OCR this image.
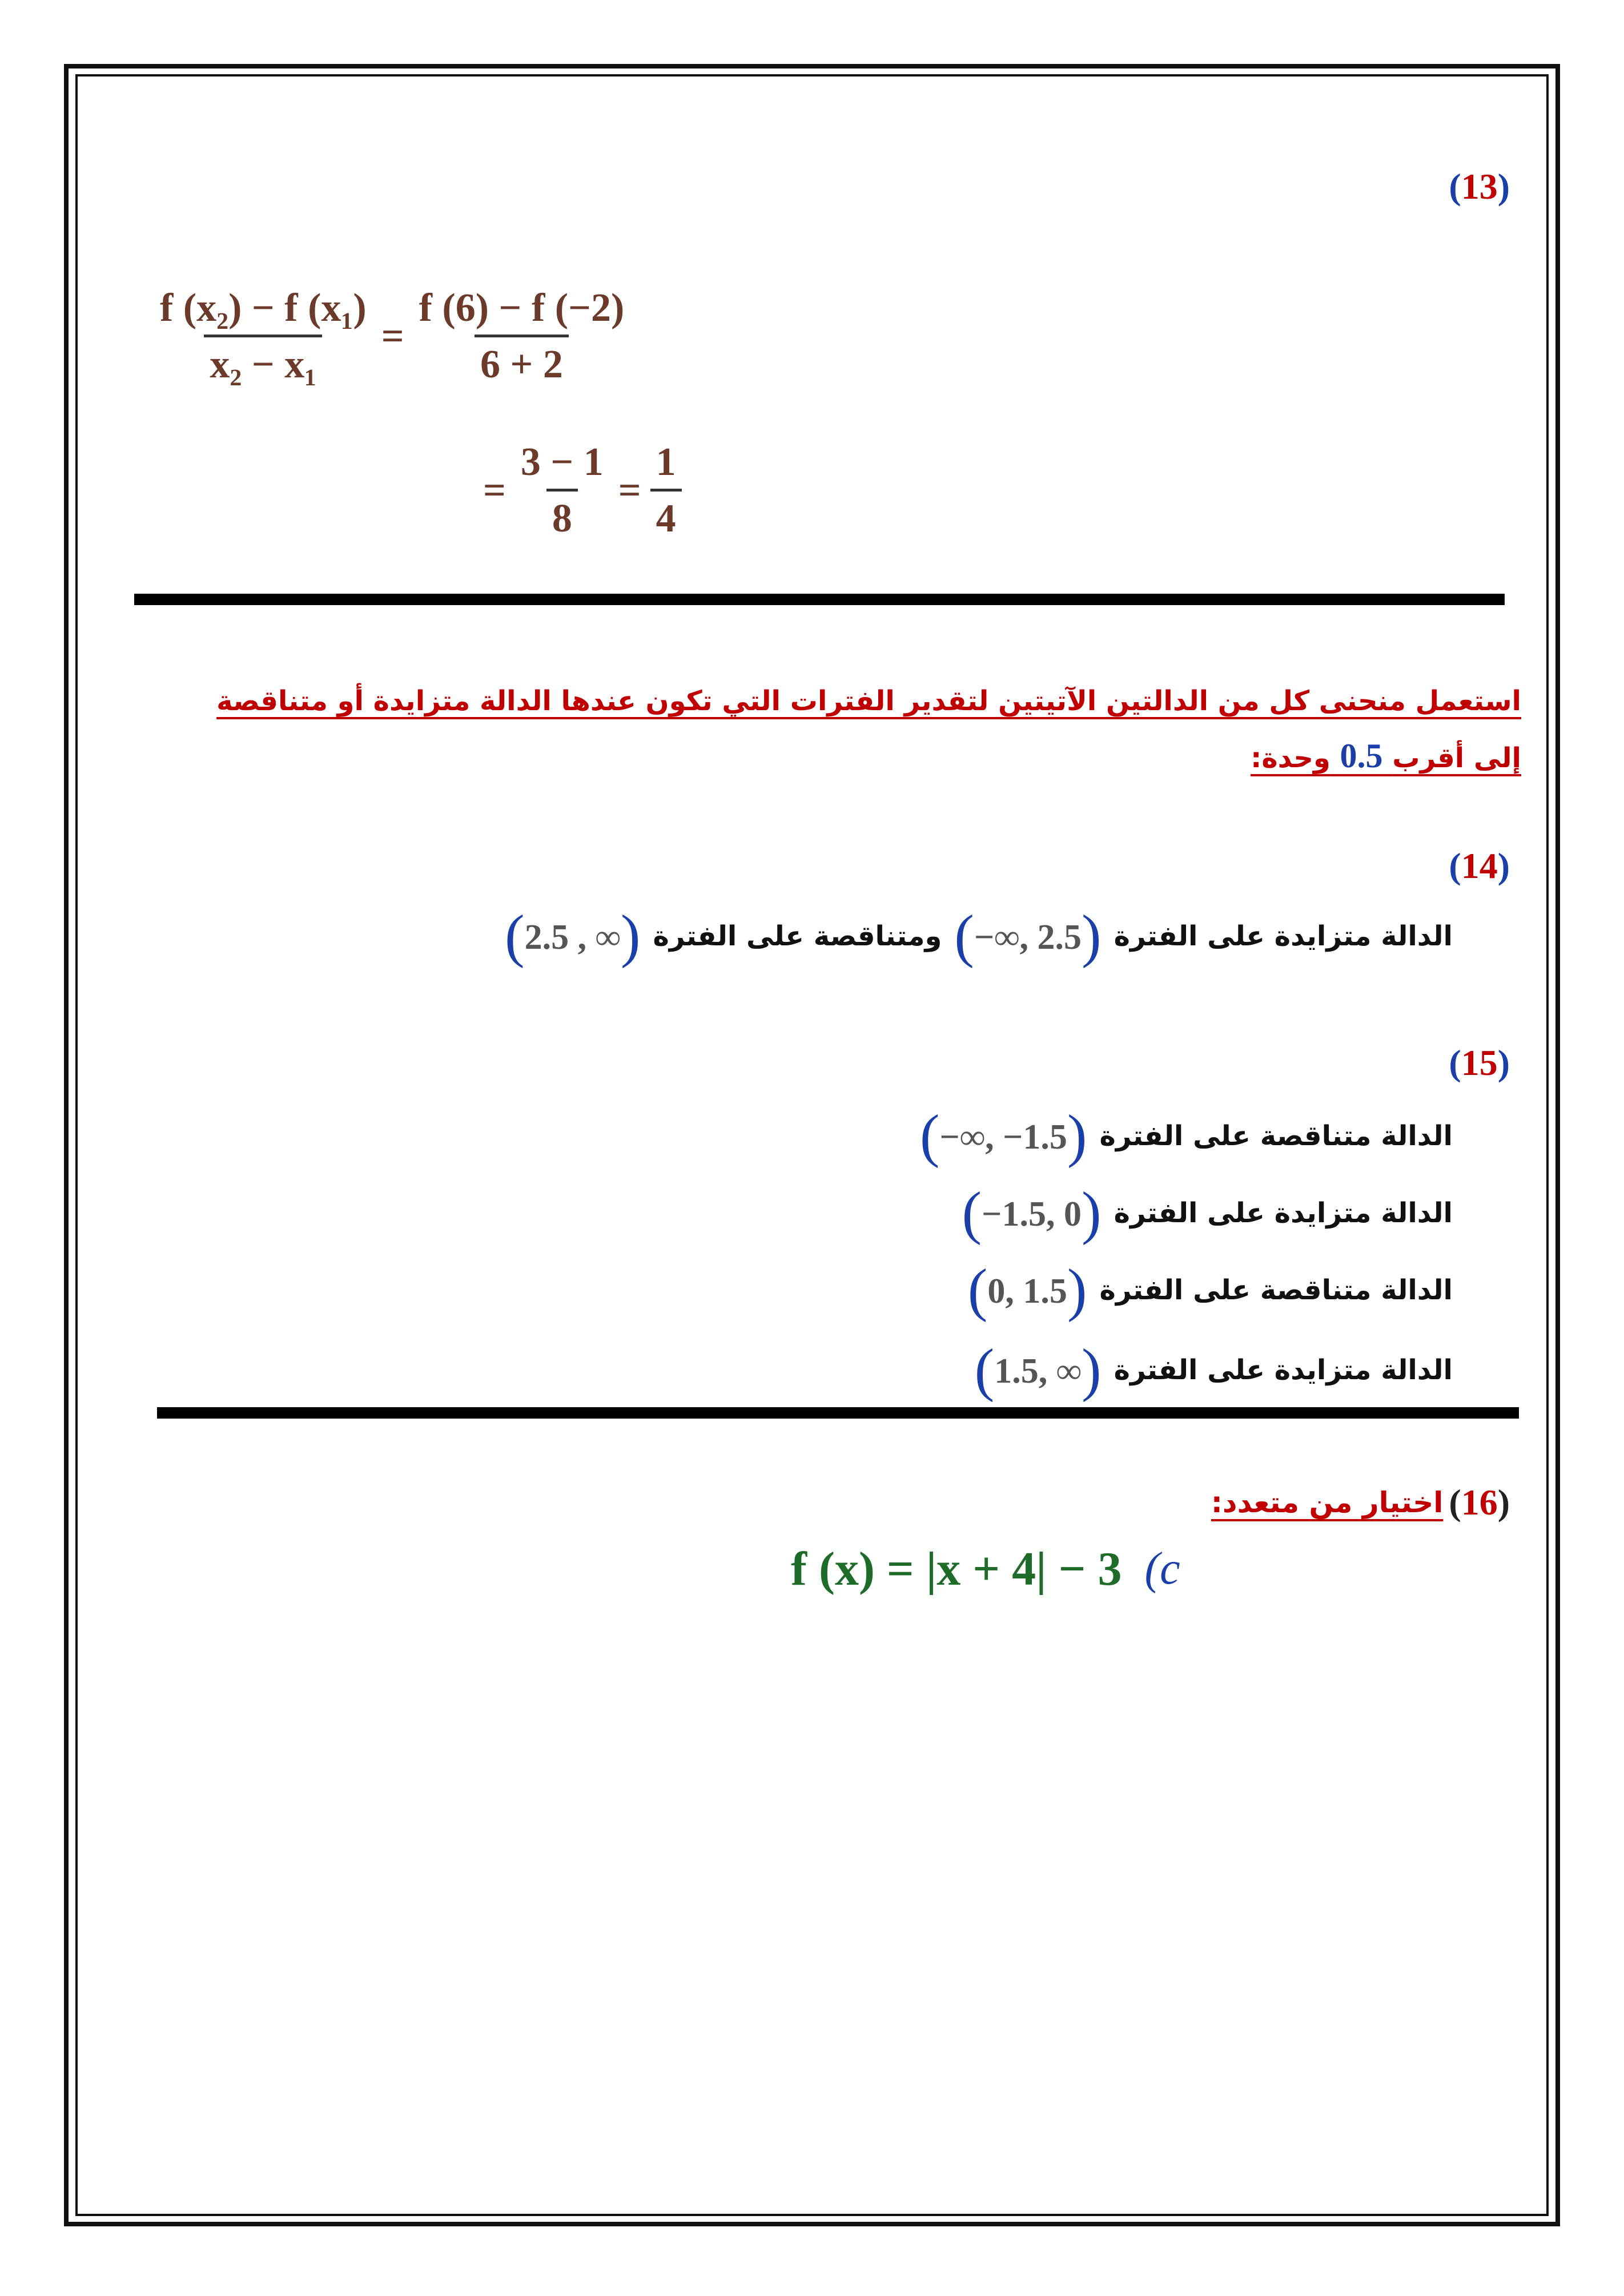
(13)
$\frac{\text{f (x₂) − f (x₁)}}{\text{x₂ − x₁}} = \frac{f (6) - f (-2)}{6 + 2}$
= $\frac{3 - 1}{8} = \frac{1}{4}$
استعمل منحنى كل من الدالتين الآتيتين لتقدير الفترات التي تكون عندها الدالة متزايدة أو متناقصة
إلى أقرب 0.5 وحدة:
(14)
الدالة متزايدة على الفترة
(−∞, 2.5)
ومتناقصة على الفترة
(2.5 , ∞)
(15)
الدالة متناقصة على الفترة
(−∞, −1.5)
الدالة متزايدة على الفترة
(−1.5, 0)
الدالة متناقصة على الفترة
(0, 1.5)
الدالة متزايدة على الفترة
(1.5, ∞)
(16)
اختيار من متعدد:
f (x) = |x + 4| − 3 (c
